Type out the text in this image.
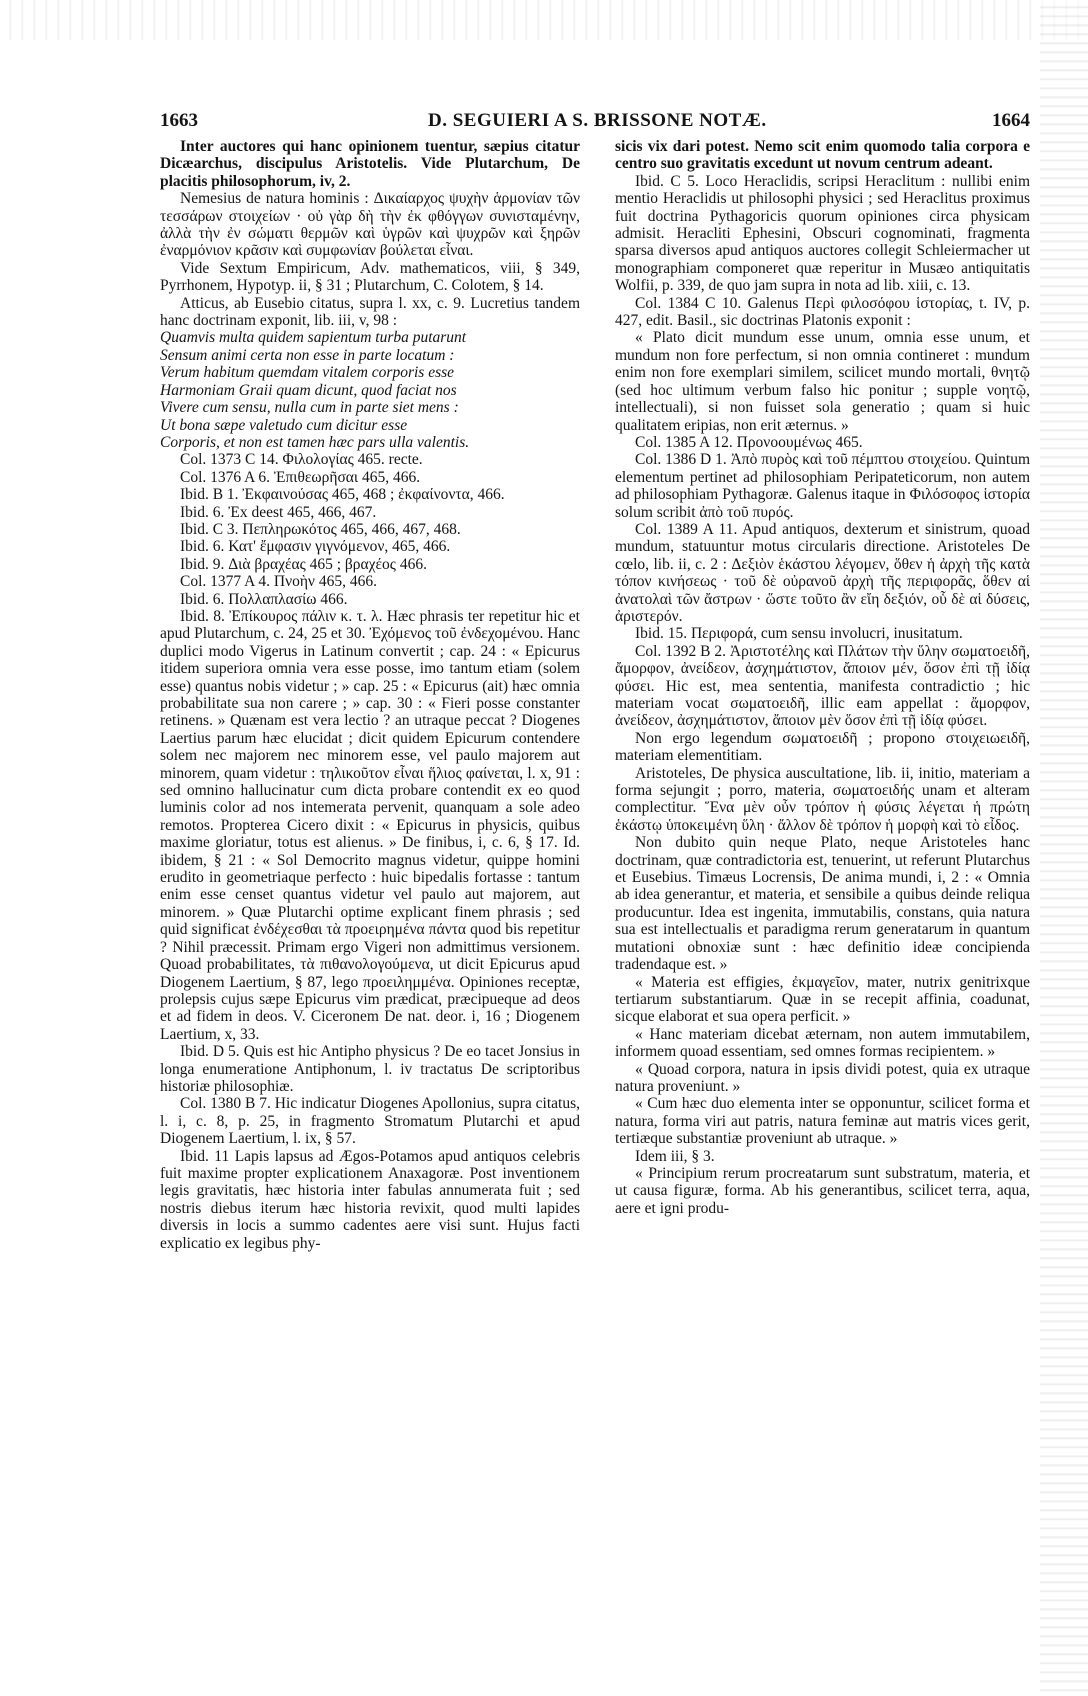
1663	D. SEGUIERI A S. BRISSONE NOTÆ.	1664

Inter auctores qui hanc opinionem tuentur, sæpius citatur Dicæarchus, discipulus Aristotelis. Vide Plutarchum, De placitis philosophorum, iv, 2.

Nemesius de natura hominis : Δικαίαρχος ψυχὴν ἁρμονίαν τῶν τεσσάρων στοιχείων · οὐ γὰρ δὴ τὴν ἐκ φθόγγων συνισταμένην, ἀλλὰ τὴν ἐν σώματι θερμῶν καὶ ὑγρῶν καὶ ψυχρῶν καὶ ξηρῶν ἐναρμόνιον κρᾶσιν καὶ συμφωνίαν βούλεται εἶναι.

Vide Sextum Empiricum, Adv. mathematicos, viii, § 349, Pyrrhonem, Hypotyp. ii, § 31 ; Plutarchum, C. Colotem, § 14.

Atticus, ab Eusebio citatus, supra l. xx, c. 9. Lucretius tandem hanc doctrinam exponit, lib. iii, v, 98 :

Quamvis multa quidem sapientum turba putarunt

Sensum animi certa non esse in parte locatum :

Verum habitum quemdam vitalem corporis esse

Harmoniam Graii quam dicunt, quod faciat nos

Vivere cum sensu, nulla cum in parte siet mens :

Ut bona sæpe valetudo cum dicitur esse

Corporis, et non est tamen hæc pars ulla valentis.

Col. 1373 C 14. Φιλολογίας 465. recte.

Col. 1376 A 6. Ἐπιθεωρῆσαι 465, 466.

Ibid. B 1. Ἐκφαινούσας 465, 468 ; ἐκφαίνοντα, 466.

Ibid. 6. Ἐx deest 465, 466, 467.

Ibid. C 3. Πεπληρωκότος 465, 466, 467, 468.

Ibid. 6. Κατ' ἔμφασιν γιγνόμενον, 465, 466.

Ibid. 9. Διὰ βραχέας 465 ; βραχέος 466.

Col. 1377 A 4. Πνοὴν 465, 466.

Ibid. 6. Πολλαπλασίω 466.

Ibid. 8. Ἐπίκουρος πάλιν κ. τ. λ. Hæc phrasis ter repetitur hic et apud Plutarchum, c. 24, 25 et 30. Ἐχόμενος τοῦ ἐνδεχομένου. Hanc duplici modo Vigerus in Latinum convertit ; cap. 24 : « Epicurus itidem superiora omnia vera esse posse, imo tantum etiam (solem esse) quantus nobis videtur ; » cap. 25 : « Epicurus (ait) hæc omnia probabilitate sua non carere ; » cap. 30 : « Fieri posse constanter retinens. » Quænam est vera lectio ? an utraque peccat ? Diogenes Laertius parum hæc elucidat ; dicit quidem Epicurum contendere solem nec majorem nec minorem esse, vel paulo majorem aut minorem, quam videtur : τηλικοῦτον εἶναι ἥλιος φαίνεται, l. x, 91 : sed omnino hallucinatur cum dicta probare contendit ex eo quod luminis color ad nos intemerata pervenit, quanquam a sole adeo remotos. Propterea Cicero dixit : « Epicurus in physicis, quibus maxime gloriatur, totus est alienus. » De finibus, i, c. 6, § 17. Id. ibidem, § 21 : « Sol Democrito magnus videtur, quippe homini erudito in geometriaque perfecto : huic bipedalis fortasse : tantum enim esse censet quantus videtur vel paulo aut majorem, aut minorem. » Quæ Plutarchi optime explicant finem phrasis ; sed quid significat ἐνδέχεσθαι τὰ προειρημένα πάντα quod bis repetitur ? Nihil præcessit. Primam ergo Vigeri non admittimus versionem. Quoad probabilitates, τὰ πιθανολογούμενα, ut dicit Epicurus apud Diogenem Laertium, § 87, lego προειλημμένα. Opiniones receptæ, prolepsis cujus sæpe Epicurus vim prædicat, præcipueque ad deos et ad fidem in deos. V. Ciceronem De nat. deor. i, 16 ; Diogenem Laertium, x, 33.

Ibid. D 5. Quis est hic Antipho physicus ? De eo tacet Jonsius in longa enumeratione Antiphonum, l. iv tractatus De scriptoribus historiæ philosophiæ.

Col. 1380 B 7. Hic indicatur Diogenes Apollonius, supra citatus, l. i, c. 8, p. 25, in fragmento Stromatum Plutarchi et apud Diogenem Laertium, l. ix, § 57.

Ibid. 11 Lapis lapsus ad Ægos-Potamos apud antiquos celebris fuit maxime propter explicationem Anaxagoræ. Post inventionem legis gravitatis, hæc historia inter fabulas annumerata fuit ; sed nostris diebus iterum hæc historia revixit, quod multi lapides diversis in locis a summo cadentes aere visi sunt. Hujus facti explicatio ex legibus phy-

sicis vix dari potest. Nemo scit enim quomodo talia corpora e centro suo gravitatis excedunt ut novum centrum adeant.

Ibid. C 5. Loco Heraclidis, scripsi Heraclitum : nullibi enim mentio Heraclidis ut philosophi physici ; sed Heraclitus proximus fuit doctrina Pythagoricis quorum opiniones circa physicam admisit. Heracliti Ephesini, Obscuri cognominati, fragmenta sparsa diversos apud antiquos auctores collegit Schleiermacher ut monographiam componeret quæ reperitur in Musæo antiquitatis Wolfii, p. 339, de quo jam supra in nota ad lib. xiii, c. 13.

Col. 1384 C 10. Galenus Περὶ φιλοσόφου ἱστορίας, t. IV, p. 427, edit. Basil., sic doctrinas Platonis exponit :

« Plato dicit mundum esse unum, omnia esse unum, et mundum non fore perfectum, si non omnia contineret : mundum enim non fore exemplari similem, scilicet mundo mortali, θνητῷ (sed hoc ultimum verbum falso hic ponitur ; supple νοητῷ, intellectuali), si non fuisset sola generatio ; quam si huic qualitatem eripias, non erit æternus. »

Col. 1385 A 12. Προνοουμένως 465.

Col. 1386 D 1. Ἀπὸ πυρὸς καὶ τοῦ πέμπτου στοιχείου. Quintum elementum pertinet ad philosophiam Peripateticorum, non autem ad philosophiam Pythagoræ. Galenus itaque in Φιλόσοφος ἱστορία solum scribit ἀπὸ τοῦ πυρός.

Col. 1389 A 11. Apud antiquos, dexterum et sinistrum, quoad mundum, statuuntur motus circularis directione. Aristoteles De cœlo, lib. ii, c. 2 : Δεξιὸν ἑκάστου λέγομεν, ὅθεν ἡ ἀρχὴ τῆς κατὰ τόπον κινήσεως · τοῦ δὲ οὐρανοῦ ἀρχὴ τῆς περιφορᾶς, ὅθεν αἱ ἀνατολαὶ τῶν ἄστρων · ὥστε τοῦτο ἂν εἴη δεξιόν, οὗ δὲ αἱ δύσεις, ἀριστερόν.

Ibid. 15. Περιφορά, cum sensu involucri, inusitatum.

Col. 1392 B 2. Ἀριστοτέλης καὶ Πλάτων τὴν ὕλην σωματοειδῆ, ἄμορφον, ἀνείδεον, ἀσχημάτιστον, ἄποιον μέν, ὅσον ἐπὶ τῇ ἰδίᾳ φύσει. Hic est, mea sententia, manifesta contradictio ; hic materiam vocat σωματοειδῆ, illic eam appellat : ἄμορφον, ἀνείδεον, ἀσχημάτιστον, ἄποιον μὲν ὅσον ἐπὶ τῇ ἰδίᾳ φύσει.

Non ergo legendum σωματοειδῆ ; propono στοιχειωειδῆ, materiam elementitiam.

Aristoteles, De physica auscultatione, lib. ii, initio, materiam a forma sejungit ; porro, materia, σωματοειδής unam et alteram complectitur. Ἕνα μὲν οὖν τρόπον ἡ φύσις λέγεται ἡ πρώτη ἑκάστῳ ὑποκειμένη ὕλη · ἄλλον δὲ τρόπον ἡ μορφὴ καὶ τὸ εἶδος.

Non dubito quin neque Plato, neque Aristoteles hanc doctrinam, quæ contradictoria est, tenuerint, ut referunt Plutarchus et Eusebius. Timæus Locrensis, De anima mundi, i, 2 : « Omnia ab idea generantur, et materia, et sensibile a quibus deinde reliqua producuntur. Idea est ingenita, immutabilis, constans, quia natura sua est intellectualis et paradigma rerum generatarum in quantum mutationi obnoxiæ sunt : hæc definitio ideæ concipienda tradendaque est. »

« Materia est effigies, ἐκμαγεῖον, mater, nutrix genitrixque tertiarum substantiarum. Quæ in se recepit affinia, coadunat, sicque elaborat et sua opera perficit. »

« Hanc materiam dicebat æternam, non autem immutabilem, informem quoad essentiam, sed omnes formas recipientem. »

« Quoad corpora, natura in ipsis dividi potest, quia ex utraque natura proveniunt. »

« Cum hæc duo elementa inter se opponuntur, scilicet forma et natura, forma viri aut patris, natura feminæ aut matris vices gerit, tertiæque substantiæ proveniunt ab utraque. »

Idem iii, § 3.

« Principium rerum procreatarum sunt substratum, materia, et ut causa figuræ, forma. Ab his generantibus, scilicet terra, aqua, aere et igni produ-
